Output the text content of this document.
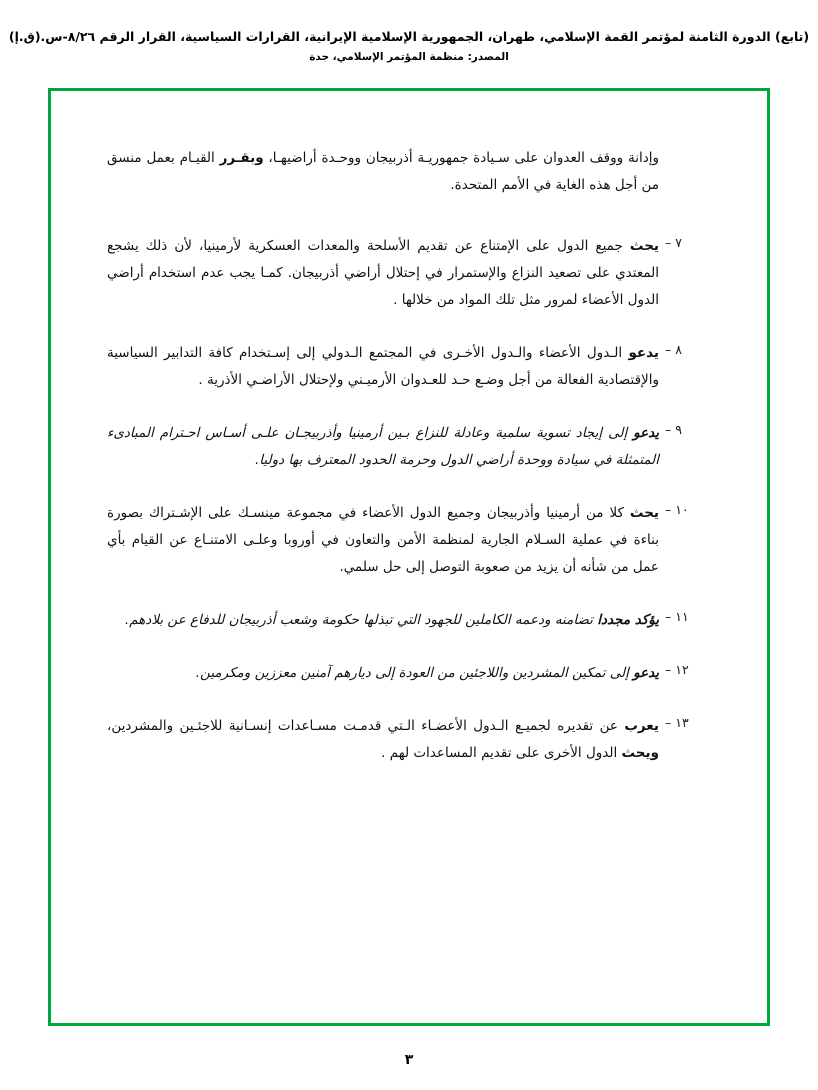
(تابع) الدورة الثامنة لمؤتمر القمة الإسلامي، طهران، الجمهورية الإسلامية الإيرانية، القرارات السياسية، القرار الرقم ٨/٢٦-س.(ق.إ)
المصدر: منظمة المؤتمر الإسلامي، جدة
وإدانة ووقف العدوان على سـيادة جمهوريـة أذربيجان ووحـدة أراضيهـا، وبقـرر القيـام بعمل منسق من أجل هذه الغاية في الأمم المتحدة.
٧ –
يحث جميع الدول على الإمتناع عن تقديم الأسلحة والمعدات العسكرية لأرمينيا، لأن ذلك يشجع المعتدي على تصعيد النزاع والإستمرار في إحتلال أراضي أذربيجان. كمـا يجب عدم استخدام أراضي الدول الأعضاء لمرور مثل تلك المواد من خلالها .
٨ –
يدعو الـدول الأعضاء والـدول الأخـرى في المجتمع الـدولي إلى إسـتخدام كافة التدابير السياسية والإقتصادية الفعالة من أجل وضـع حـد للعـدوان الأرميـني ولإحتلال الأراضـي الأذرية .
٩ –
يدعو إلى إيجاد تسوية سلمية وعادلة للنزاع بـين أرمينيا وأذربيجـان علـى أسـاس احـترام المبادىء المتمثلة في سيادة ووحدة أراضي الدول وحرمة الحدود المعترف بها دوليا.
١٠ –
يحث كلا من أرمينيا وأذربيجان وجميع الدول الأعضاء في مجموعة مينسـك على الإشـتراك بصورة بناءة في عملية السـلام الجارية لمنظمة الأمن والتعاون في أوروبا وعلـى الامتنـاع عن القيام بأي عمل من شأنه أن يزيد من صعوبة التوصل إلى حل سلمي.
١١ –
يؤكد مجددا تضامنه ودعمه الكاملين للجهود التي تبذلها حكومة وشعب أذربيجان للدفاع عن بلادهم.
١٢ –
يدعو إلى تمكين المشردين واللاجئين من العودة إلى ديارهم آمنين معززين ومكرمين.
١٣ –
يعرب عن تقديره لجميـع الـدول الأعضـاء الـتي قدمـت مسـاعدات إنسـانية للاجئـين والمشردين، ويحث الدول الأخرى على تقديم المساعدات لهم .
٣
